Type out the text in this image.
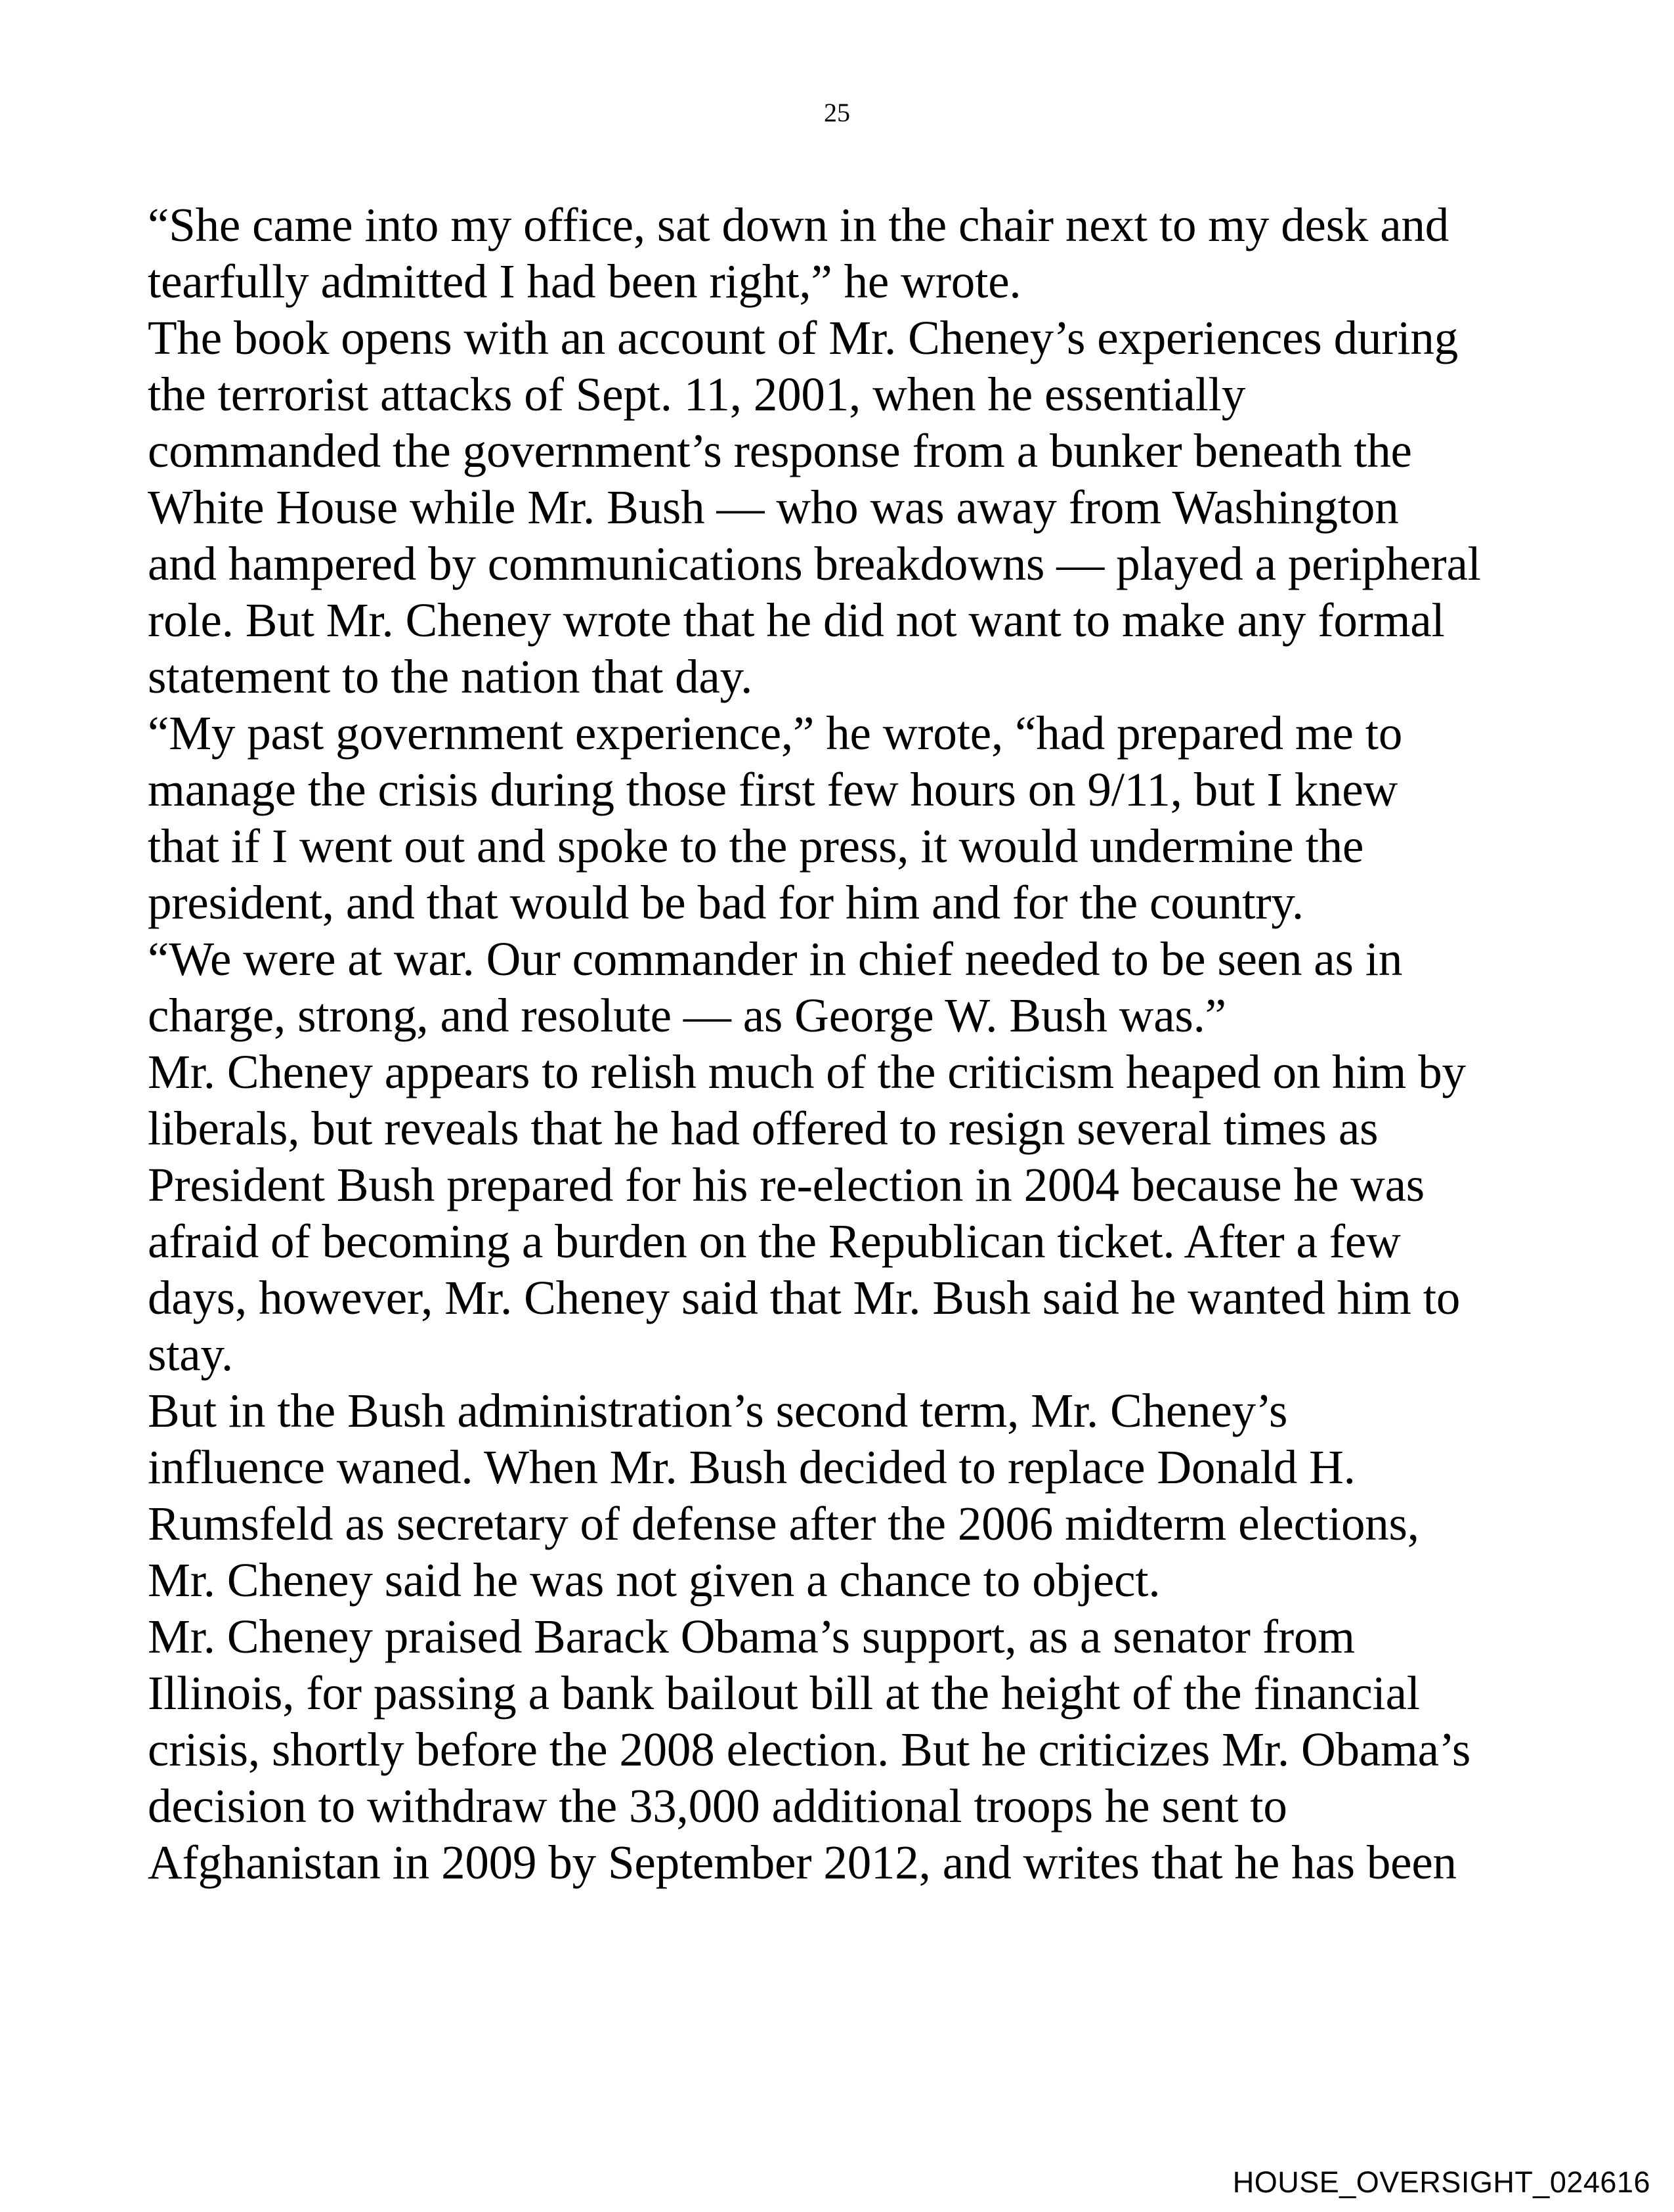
25
“She came into my office, sat down in the chair next to my desk and
tearfully admitted I had been right,” he wrote.
The book opens with an account of Mr. Cheney’s experiences during
the terrorist attacks of Sept. 11, 2001, when he essentially
commanded the government’s response from a bunker beneath the
White House while Mr. Bush — who was away from Washington
and hampered by communications breakdowns — played a peripheral
role. But Mr. Cheney wrote that he did not want to make any formal
statement to the nation that day.
“My past government experience,” he wrote, “had prepared me to
manage the crisis during those first few hours on 9/11, but I knew
that if I went out and spoke to the press, it would undermine the
president, and that would be bad for him and for the country.
“We were at war. Our commander in chief needed to be seen as in
charge, strong, and resolute — as George W. Bush was.”
Mr. Cheney appears to relish much of the criticism heaped on him by
liberals, but reveals that he had offered to resign several times as
President Bush prepared for his re-election in 2004 because he was
afraid of becoming a burden on the Republican ticket. After a few
days, however, Mr. Cheney said that Mr. Bush said he wanted him to
stay.
But in the Bush administration’s second term, Mr. Cheney’s
influence waned. When Mr. Bush decided to replace Donald H.
Rumsfeld as secretary of defense after the 2006 midterm elections,
Mr. Cheney said he was not given a chance to object.
Mr. Cheney praised Barack Obama’s support, as a senator from
Illinois, for passing a bank bailout bill at the height of the financial
crisis, shortly before the 2008 election. But he criticizes Mr. Obama’s
decision to withdraw the 33,000 additional troops he sent to
Afghanistan in 2009 by September 2012, and writes that he has been
HOUSE_OVERSIGHT_024616
